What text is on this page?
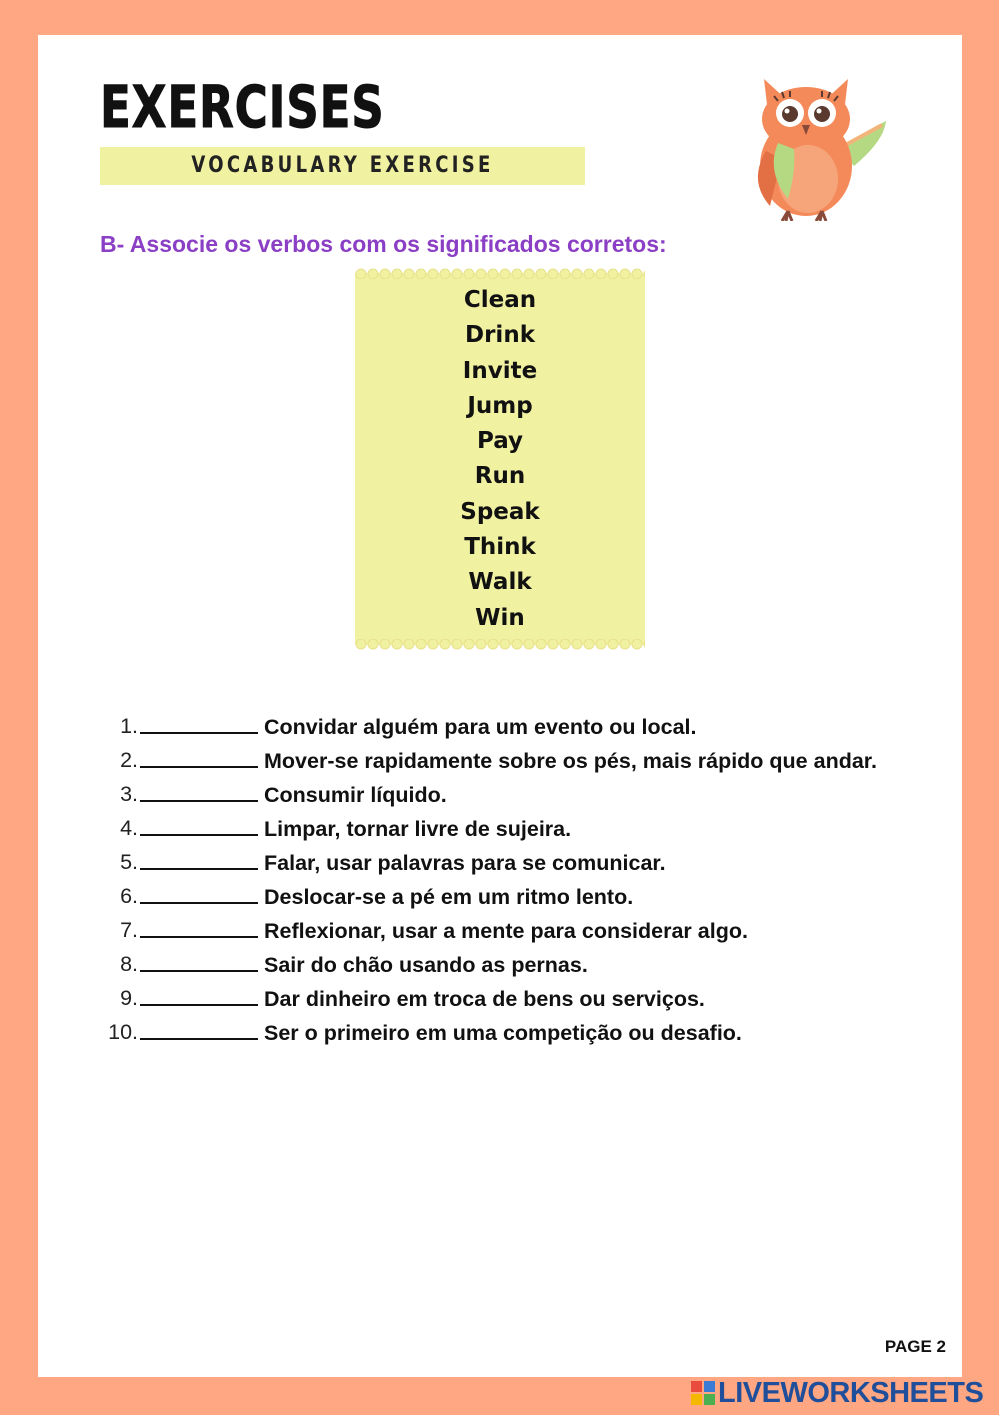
EXERCISES
VOCABULARY EXERCISE
B- Associe os verbos com os significados corretos:
Clean
Drink
Invite
Jump
Pay
Run
Speak
Think
Walk
Win
1.	Convidar alguém para um evento ou local.
2.	Mover-se rapidamente sobre os pés, mais rápido que andar.
3.	Consumir líquido.
4.	Limpar, tornar livre de sujeira.
5.	Falar, usar palavras para se comunicar.
6.	Deslocar-se a pé em um ritmo lento.
7.	Reflexionar, usar a mente para considerar algo.
8.	Sair do chão usando as pernas.
9.	Dar dinheiro em troca de bens ou serviços.
10.	Ser o primeiro em uma competição ou desafio.
PAGE 2
LIVEWORKSHEETS
